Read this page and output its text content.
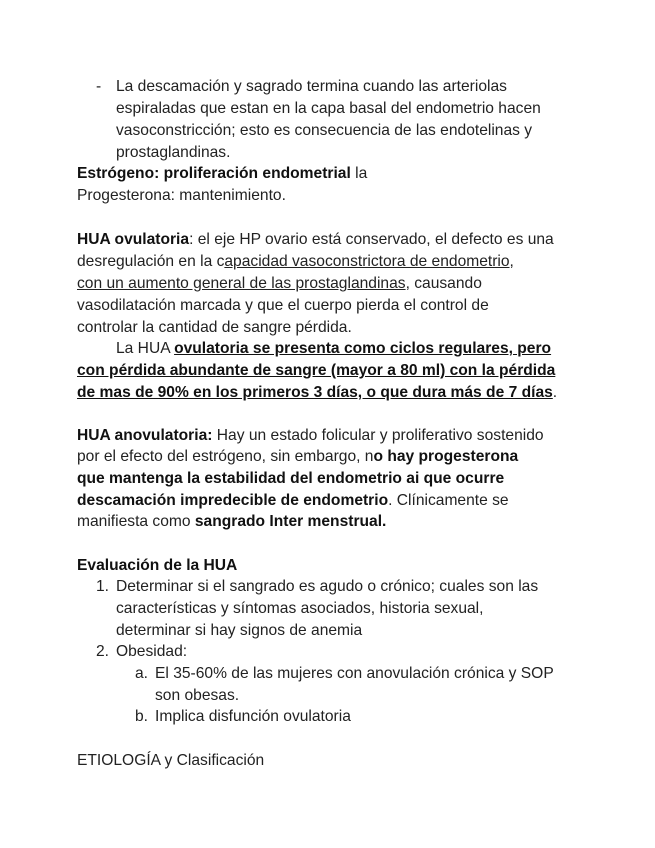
- La descamación y sagrado termina cuando las arteriolas
espiraladas que estan en la capa basal del endometrio hacen
vasoconstricción; esto es consecuencia de las endotelinas y
prostaglandinas.
Estrógeno: proliferación endometrial la
Progesterona: mantenimiento.
HUA ovulatoria: el eje HP ovario está conservado, el defecto es una
desregulación en la capacidad vasoconstrictora de endometrio,
con un aumento general de las prostaglandinas, causando
vasodilatación marcada y que el cuerpo pierda el control de
controlar la cantidad de sangre pérdida.
La HUA ovulatoria se presenta como ciclos regulares, pero
con pérdida abundante de sangre (mayor a 80 ml) con la pérdida
de mas de 90% en los primeros 3 días, o que dura más de 7 días.
HUA anovulatoria: Hay un estado folicular y proliferativo sostenido
por el efecto del estrógeno, sin embargo, no hay progesterona
que mantenga la estabilidad del endometrio ai que ocurre
descamación impredecible de endometrio. Clínicamente se
manifiesta como sangrado Inter menstrual.
Evaluación de la HUA
1. Determinar si el sangrado es agudo o crónico; cuales son las
características y síntomas asociados, historia sexual,
determinar si hay signos de anemia
2. Obesidad:
a. El 35-60% de las mujeres con anovulación crónica y SOP
son obesas.
b. Implica disfunción ovulatoria
ETIOLOGÍA y Clasificación
